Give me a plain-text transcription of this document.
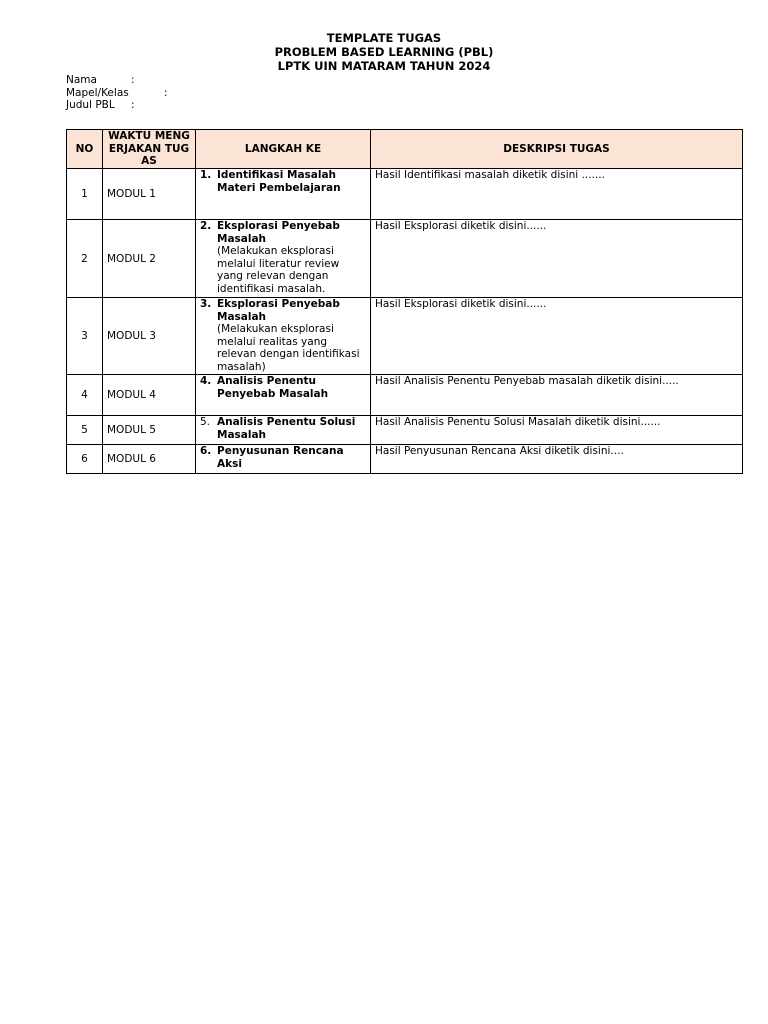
TEMPLATE TUGAS
PROBLEM BASED LEARNING (PBL)
LPTK UIN MATARAM TAHUN 2024
Nama	:
Mapel/Kelas	:
Judul PBL :
NO	WAKTU MENGERJAKAN TUGAS	LANGKAH KE	DESKRIPSI TUGAS
1	MODUL 1	1. Identifikasi Masalah Materi Pembelajaran	Hasil Identifikasi masalah diketik disini .......

2	MODUL 2	2. Eksplorasi Penyebab Masalah
(Melakukan eksplorasi melalui literatur review yang relevan dengan identifikasi masalah.	Hasil Eksplorasi diketik disini......

3	MODUL 3	3. Eksplorasi Penyebab Masalah
(Melakukan eksplorasi melalui realitas yang relevan dengan identifikasi masalah)	Hasil Eksplorasi diketik disini......

4	MODUL 4	4. Analisis Penentu Penyebab Masalah	Hasil Analisis Penentu Penyebab masalah diketik disini.....

5	MODUL 5	5. Analisis Penentu Solusi Masalah	Hasil Analisis Penentu Solusi Masalah diketik disini......

6	MODUL 6	6. Penyusunan Rencana Aksi	Hasil Penyusunan Rencana Aksi diketik disini....
